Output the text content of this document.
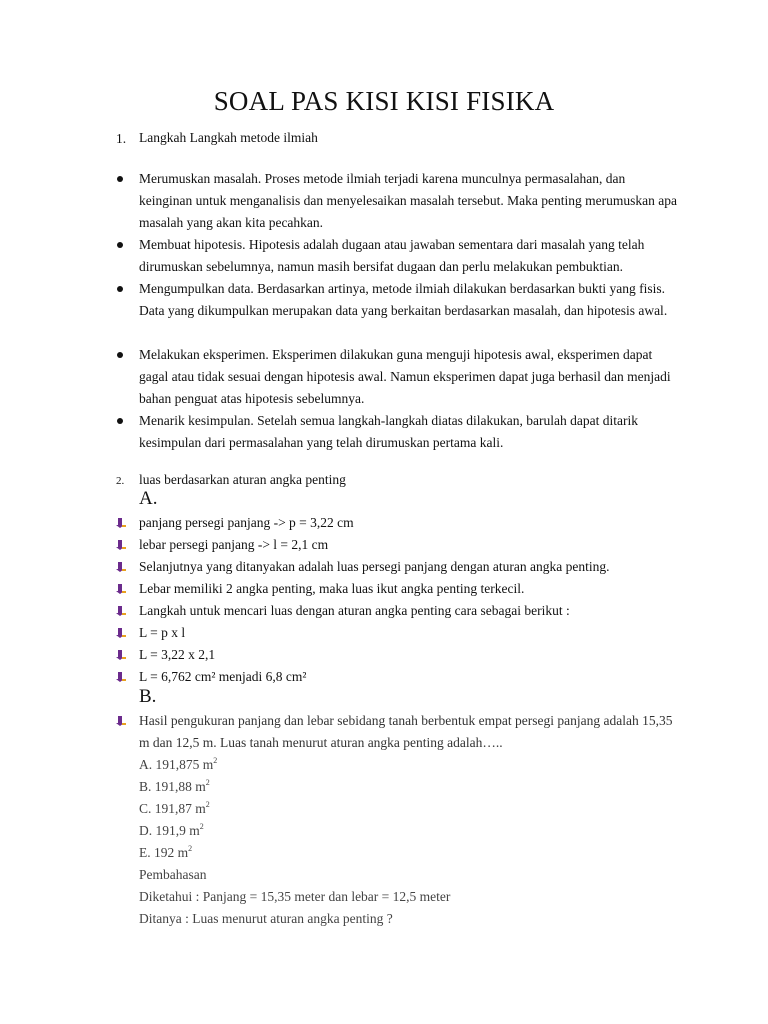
SOAL PAS KISI KISI FISIKA
1. Langkah Langkah metode ilmiah
Merumuskan masalah. Proses metode ilmiah terjadi karena munculnya permasalahan, dan keinginan untuk menganalisis dan menyelesaikan masalah tersebut. Maka penting merumuskan apa masalah yang akan kita pecahkan.
Membuat hipotesis. Hipotesis adalah dugaan atau jawaban sementara dari masalah yang telah dirumuskan sebelumnya, namun masih bersifat dugaan dan perlu melakukan pembuktian.
Mengumpulkan data. Berdasarkan artinya, metode ilmiah dilakukan berdasarkan bukti yang fisis. Data yang dikumpulkan merupakan data yang berkaitan berdasarkan masalah, dan hipotesis awal.
Melakukan eksperimen. Eksperimen dilakukan guna menguji hipotesis awal, eksperimen dapat gagal atau tidak sesuai dengan hipotesis awal. Namun eksperimen dapat juga berhasil dan menjadi bahan penguat atas hipotesis sebelumnya.
Menarik kesimpulan. Setelah semua langkah-langkah diatas dilakukan, barulah dapat ditarik kesimpulan dari permasalahan yang telah dirumuskan pertama kali.
2. luas berdasarkan aturan angka penting
A.
panjang persegi panjang -> p = 3,22 cm
lebar persegi panjang -> l = 2,1 cm
Selanjutnya yang ditanyakan adalah luas persegi panjang dengan aturan angka penting.
Lebar memiliki 2 angka penting, maka luas ikut angka penting terkecil.
Langkah untuk mencari luas dengan aturan angka penting cara sebagai berikut :
L = p x l
L = 3,22 x 2,1
L = 6,762 cm² menjadi 6,8 cm²
B.
Hasil pengukuran panjang dan lebar sebidang tanah berbentuk empat persegi panjang adalah 15,35 m dan 12,5 m. Luas tanah menurut aturan angka penting adalah…..
A. 191,875 $m^2$
B. 191,88 $m^2$
C. 191,87 $m^2$
D. 191,9 $m^2$
E. 192 $m^2$
Pembahasan
Diketahui : Panjang = 15,35 meter dan lebar = 12,5 meter
Ditanya : Luas menurut aturan angka penting ?
